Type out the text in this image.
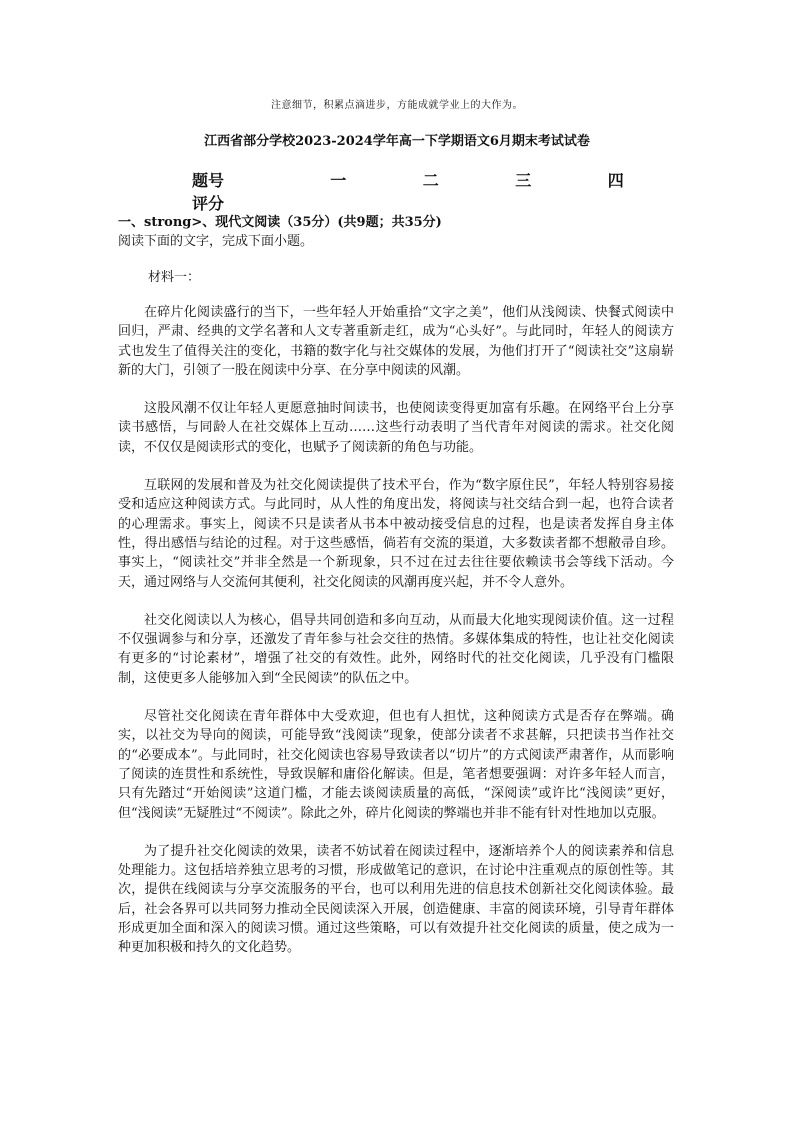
注意细节，积累点滴进步，方能成就学业上的大作为。
江西省部分学校2023-2024学年高一下学期语文6月期末考试试卷
题号	一	二	三	四
评分				
一、strong>、现代文阅读（35分）(共9题；共35分)
阅读下面的文字，完成下面小题。
材料一：

在碎片化阅读盛行的当下，一些年轻人开始重拾“文字之美”，他们从浅阅读、快餐式阅读中回归，严肃、经典的文学名著和人文专著重新走红，成为“心头好”。与此同时，年轻人的阅读方式也发生了值得关注的变化，书籍的数字化与社交媒体的发展，为他们打开了“阅读社交”这扇崭新的大门，引领了一股在阅读中分享、在分享中阅读的风潮。

这股风潮不仅让年轻人更愿意抽时间读书，也使阅读变得更加富有乐趣。在网络平台上分享读书感悟，与同龄人在社交媒体上互动……这些行动表明了当代青年对阅读的需求。社交化阅读，不仅仅是阅读形式的变化，也赋予了阅读新的角色与功能。

互联网的发展和普及为社交化阅读提供了技术平台，作为“数字原住民”，年轻人特别容易接受和适应这种阅读方式。与此同时，从人性的角度出发，将阅读与社交结合到一起，也符合读者的心理需求。事实上，阅读不只是读者从书本中被动接受信息的过程，也是读者发挥自身主体性，得出感悟与结论的过程。对于这些感悟，倘若有交流的渠道，大多数读者都不想敝帚自珍。事实上，“阅读社交”并非全然是一个新现象，只不过在过去往往要依赖读书会等线下活动。今天，通过网络与人交流何其便利，社交化阅读的风潮再度兴起，并不令人意外。

社交化阅读以人为核心，倡导共同创造和多向互动，从而最大化地实现阅读价值。这一过程不仅强调参与和分享，还激发了青年参与社会交往的热情。多媒体集成的特性，也让社交化阅读有更多的“讨论素材”，增强了社交的有效性。此外，网络时代的社交化阅读，几乎没有门槛限制，这使更多人能够加入到“全民阅读”的队伍之中。

尽管社交化阅读在青年群体中大受欢迎，但也有人担忧，这种阅读方式是否存在弊端。确实，以社交为导向的阅读，可能导致“浅阅读”现象，使部分读者不求甚解，只把读书当作社交的“必要成本”。与此同时，社交化阅读也容易导致读者以“切片”的方式阅读严肃著作，从而影响了阅读的连贯性和系统性，导致误解和庸俗化解读。但是，笔者想要强调：对许多年轻人而言，只有先踏过“开始阅读”这道门槛，才能去谈阅读质量的高低，“深阅读”或许比“浅阅读”更好，但“浅阅读”无疑胜过“不阅读”。除此之外，碎片化阅读的弊端也并非不能有针对性地加以克服。

为了提升社交化阅读的效果，读者不妨试着在阅读过程中，逐渐培养个人的阅读素养和信息处理能力。这包括培养独立思考的习惯，形成做笔记的意识，在讨论中注重观点的原创性等。其次，提供在线阅读与分享交流服务的平台，也可以利用先进的信息技术创新社交化阅读体验。最后，社会各界可以共同努力推动全民阅读深入开展，创造健康、丰富的阅读环境，引导青年群体形成更加全面和深入的阅读习惯。通过这些策略，可以有效提升社交化阅读的质量，使之成为一种更加积极和持久的文化趋势。
